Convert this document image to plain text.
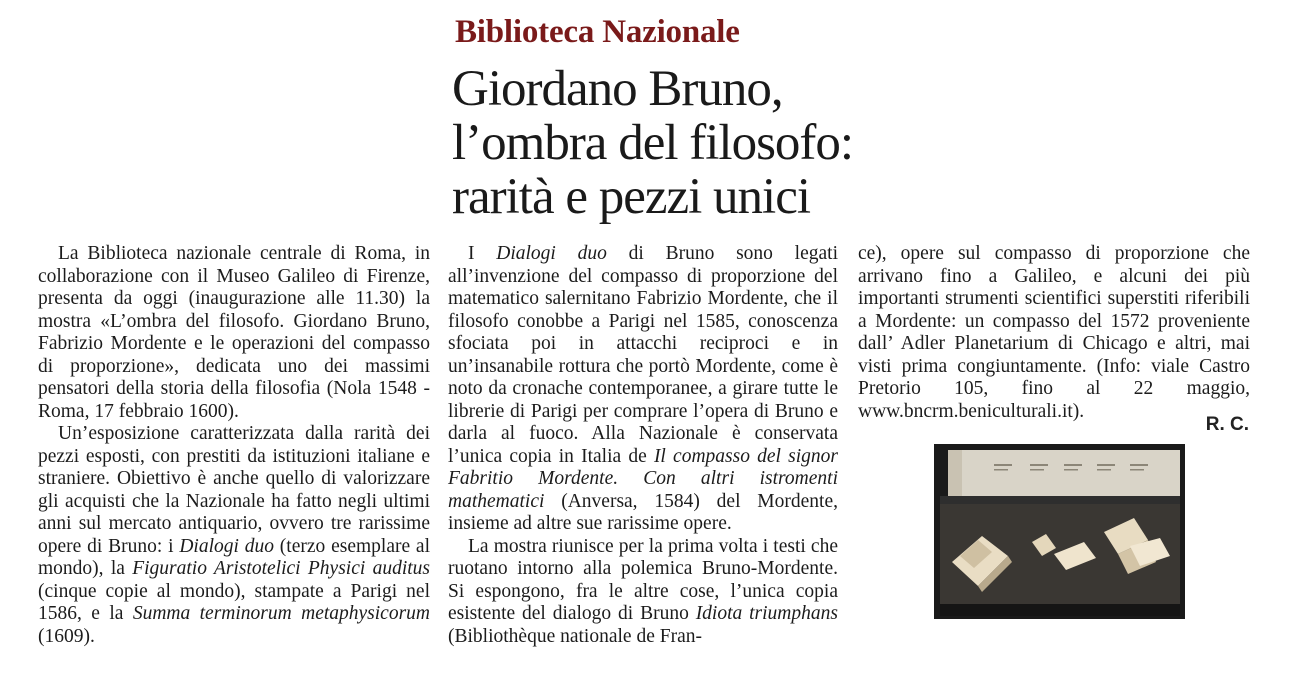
Biblioteca Nazionale
Giordano Bruno,
l’ombra del filosofo:
rarità e pezzi unici

La Biblioteca nazionale centrale di Roma, in collaborazione con il Museo Galileo di Firenze, presenta da oggi (inaugurazione alle 11.30) la mostra «L’ombra del filosofo. Giordano Bruno, Fabrizio Mordente e le operazioni del compasso di proporzione», dedicata uno dei massimi pensatori della storia della filosofia (Nola 1548 - Roma, 17 febbraio 1600).

Un’esposizione caratterizzata dalla rarità dei pezzi esposti, con prestiti da istituzioni italiane e straniere. Obiettivo è anche quello di valorizzare gli acquisti che la Nazionale ha fatto negli ultimi anni sul mercato antiquario, ovvero tre rarissime opere di Bruno: i Dialogi duo (terzo esemplare al mondo), la Figuratio Aristotelici Physici auditus (cinque copie al mondo), stampate a Parigi nel 1586, e la Summa terminorum metaphysicorum (1609).

I Dialogi duo di Bruno sono legati all’invenzione del compasso di proporzione del matematico salernitano Fabrizio Mordente, che il filosofo conobbe a Parigi nel 1585, conoscenza sfociata poi in attacchi reciproci e in un’insanabile rottura che portò Mordente, come è noto da cronache contemporanee, a girare tutte le librerie di Parigi per comprare l’opera di Bruno e darla al fuoco. Alla Nazionale è conservata l’unica copia in Italia de Il compasso del signor Fabritio Mordente. Con altri istromenti mathematici (Anversa, 1584) del Mordente, insieme ad altre sue rarissime opere.

La mostra riunisce per la prima volta i testi che ruotano intorno alla polemica Bruno-Mordente. Si espongono, fra le altre cose, l’unica copia esistente del dialogo di Bruno Idiota triumphans (Bibliothèque nationale de Fran-

ce), opere sul compasso di proporzione che arrivano fino a Galileo, e alcuni dei più importanti strumenti scientifici superstiti riferibili a Mordente: un compasso del 1572 proveniente dall’ Adler Planetarium di Chicago e altri, mai visti prima congiuntamente. (Info: viale Castro Pretorio 105, fino al 22 maggio, www.bncrm.beniculturali.it).

R. C.
